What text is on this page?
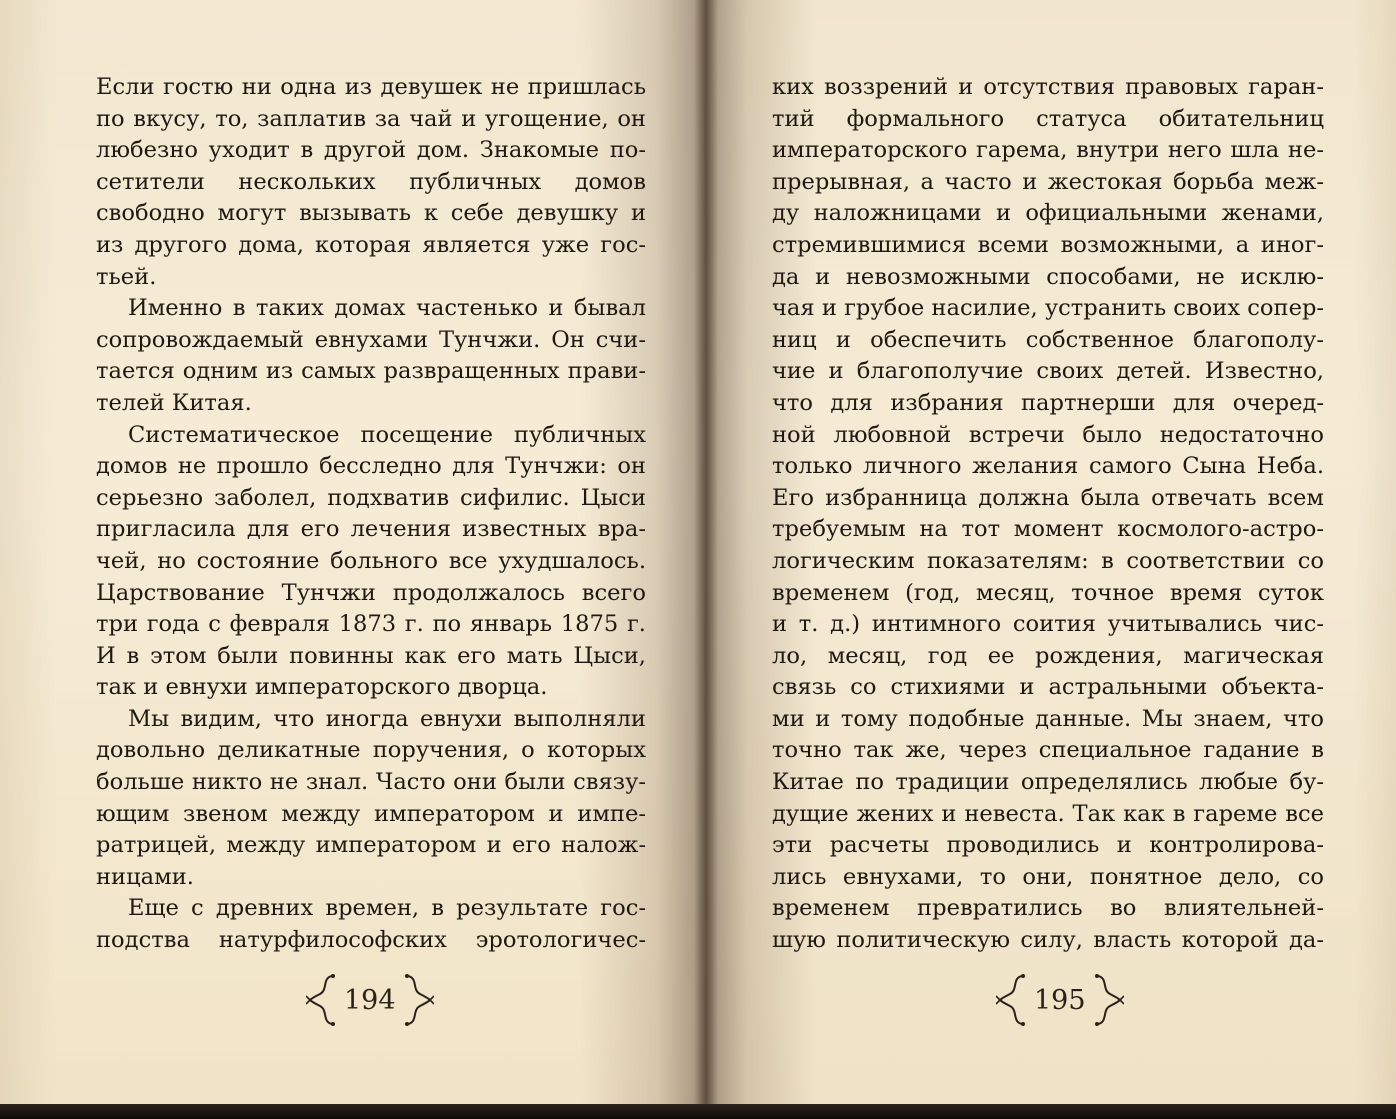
Если гостю ни одна из девушек не пришлась
по вкусу, то, заплатив за чай и угощение, он
любезно уходит в другой дом. Знакомые по-
сетители нескольких публичных домов
свободно могут вызывать к себе девушку и
из другого дома, которая является уже гос-
тьей.
Именно в таких домах частенько и бывал
сопровождаемый евнухами Тунчжи. Он счи-
тается одним из самых развращенных прави-
телей Китая.
Систематическое посещение публичных
домов не прошло бесследно для Тунчжи: он
серьезно заболел, подхватив сифилис. Цыси
пригласила для его лечения известных вра-
чей, но состояние больного все ухудшалось.
Царствование Тунчжи продолжалось всего
три года с февраля 1873 г. по январь 1875 г.
И в этом были повинны как его мать Цыси,
так и евнухи императорского дворца.
Мы видим, что иногда евнухи выполняли
довольно деликатные поручения, о которых
больше никто не знал. Часто они были связу-
ющим звеном между императором и импе-
ратрицей, между императором и его налож-
ницами.
Еще с древних времен, в результате гос-
подства натурфилософских эротологичес-
194
ких воззрений и отсутствия правовых гаран-
тий формального статуса обитательниц
императорского гарема, внутри него шла не-
прерывная, а часто и жестокая борьба меж-
ду наложницами и официальными женами,
стремившимися всеми возможными, а иног-
да и невозможными способами, не исклю-
чая и грубое насилие, устранить своих сопер-
ниц и обеспечить собственное благополу-
чие и благополучие своих детей. Известно,
что для избрания партнерши для очеред-
ной любовной встречи было недостаточно
только личного желания самого Сына Неба.
Его избранница должна была отвечать всем
требуемым на тот момент космолого-астро-
логическим показателям: в соответствии со
временем (год, месяц, точное время суток
и т. д.) интимного соития учитывались чис-
ло, месяц, год ее рождения, магическая
связь со стихиями и астральными объекта-
ми и тому подобные данные. Мы знаем, что
точно так же, через специальное гадание в
Китае по традиции определялись любые бу-
дущие жених и невеста. Так как в гареме все
эти расчеты проводились и контролирова-
лись евнухами, то они, понятное дело, со
временем превратились во влиятельней-
шую политическую силу, власть которой да-
195
